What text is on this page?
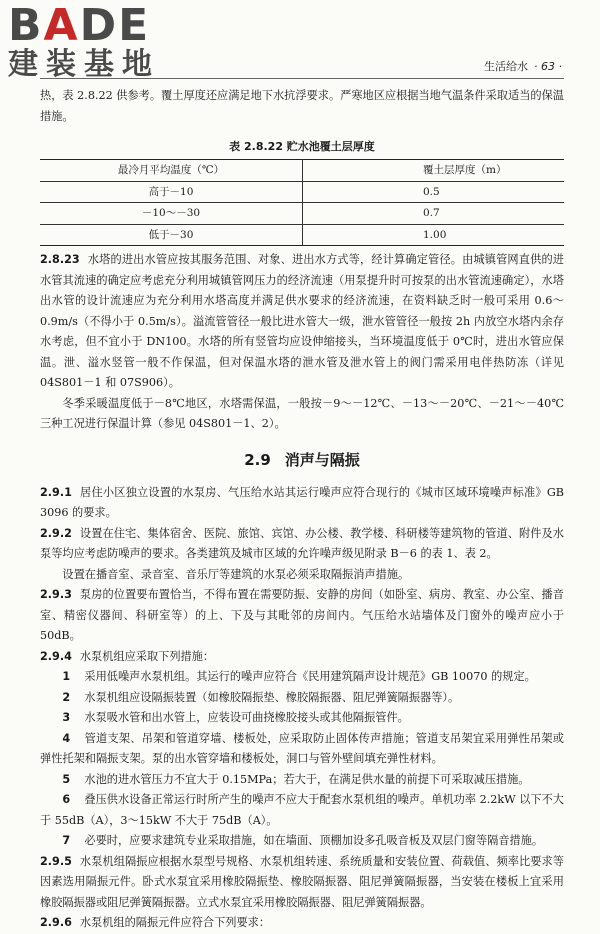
BADE
建装基地	生活给水 · 63 ·

热，表 2.8.22 供参考。覆土厚度还应满足地下水抗浮要求。严寒地区应根据当地气温条件采取适当的保温措施。

表 2.8.22 贮水池覆土层厚度
最冷月平均温度（℃）	覆土层厚度（m）
高于－10	0.5
－10～－30	0.7
低于－30	1.00

2.8.23 水塔的进出水管应按其服务范围、对象、进出水方式等，经计算确定管径。由城镇管网直供的进水管其流速的确定应考虑充分利用城镇管网压力的经济流速（用泵提升时可按泵的出水管流速确定），水塔出水管的设计流速应为充分利用水塔高度并满足供水要求的经济流速，在资料缺乏时一般可采用 0.6～0.9m/s（不得小于 0.5m/s）。溢流管管径一般比进水管大一级，泄水管管径一般按 2h 内放空水塔内余存水考虑，但不宜小于 DN100。水塔的所有竖管均应设伸缩接头，当环境温度低于 0℃时，进出水管应保温。泄、溢水竖管一般不作保温，但对保温水塔的泄水管及泄水管上的阀门需采用电伴热防冻（详见 04S801－1 和 07S906）。

冬季采暖温度低于－8℃地区，水塔需保温，一般按－9～－12℃、－13～－20℃、－21～－40℃三种工况进行保温计算（参见 04S801－1、2）。

2.9 消声与隔振

2.9.1 居住小区独立设置的水泵房、气压给水站其运行噪声应符合现行的《城市区域环境噪声标准》GB 3096 的要求。

2.9.2 设置在住宅、集体宿舍、医院、旅馆、宾馆、办公楼、教学楼、科研楼等建筑物的管道、附件及水泵等均应考虑防噪声的要求。各类建筑及城市区域的允许噪声级见附录 B－6 的表 1、表 2。

设置在播音室、录音室、音乐厅等建筑的水泵必须采取隔振消声措施。

2.9.3 泵房的位置要布置恰当，不得布置在需要防振、安静的房间（如卧室、病房、教室、办公室、播音室、精密仪器间、科研室等）的上、下及与其毗邻的房间内。气压给水站墙体及门窗外的噪声应小于 50dB。

2.9.4 水泵机组应采取下列措施：

1 采用低噪声水泵机组。其运行的噪声应符合《民用建筑隔声设计规范》GB 10070 的规定。

2 水泵机组应设隔振装置（如橡胶隔振垫、橡胶隔振器、阻尼弹簧隔振器等）。

3 水泵吸水管和出水管上，应装设可曲挠橡胶接头或其他隔振管件。

4 管道支架、吊架和管道穿墙、楼板处，应采取防止固体传声措施；管道支吊架宜采用弹性吊架或弹性托架和隔振支架。泵的出水管穿墙和楼板处，洞口与管外壁间填充弹性材料。

5 水池的进水管压力不宜大于 0.15MPa；若大于，在满足供水量的前提下可采取减压措施。

6 叠压供水设备正常运行时所产生的噪声不应大于配套水泵机组的噪声。单机功率 2.2kW 以下不大于 55dB（A），3～15kW 不大于 75dB（A）。

7 必要时，应要求建筑专业采取措施，如在墙面、顶棚加设多孔吸音板及双层门窗等隔音措施。

2.9.5 水泵机组隔振应根据水泵型号规格、水泵机组转速、系统质量和安装位置、荷载值、频率比要求等因素选用隔振元件。卧式水泵宜采用橡胶隔振垫、橡胶隔振器、阻尼弹簧隔振器，当安装在楼板上宜采用橡胶隔振器或阻尼弹簧隔振器。立式水泵宜采用橡胶隔振器、阻尼弹簧隔振器。

2.9.6 水泵机组的隔振元件应符合下列要求：
